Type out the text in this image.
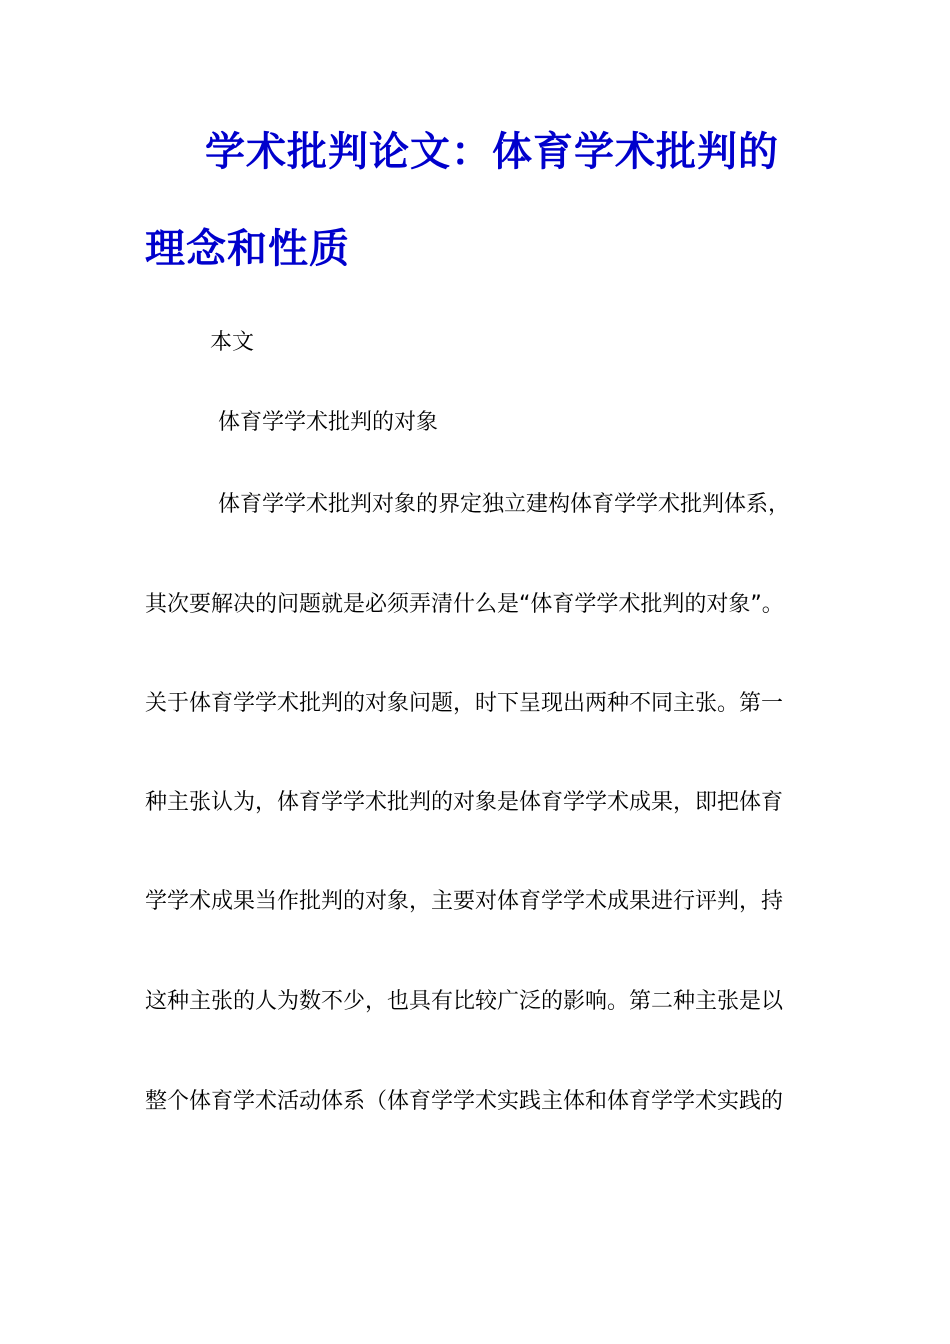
学术批判论文：体育学术批判的
理念和性质
本文
体育学学术批判的对象
体育学学术批判对象的界定独立建构体育学学术批判体系，
其次要解决的问题就是必须弄清什么是“体育学学术批判的对象”。
关于体育学学术批判的对象问题，时下呈现出两种不同主张。第一
种主张认为，体育学学术批判的对象是体育学学术成果，即把体育
学学术成果当作批判的对象，主要对体育学学术成果进行评判，持
这种主张的人为数不少，也具有比较广泛的影响。第二种主张是以
整个体育学术活动体系（体育学学术实践主体和体育学学术实践的
